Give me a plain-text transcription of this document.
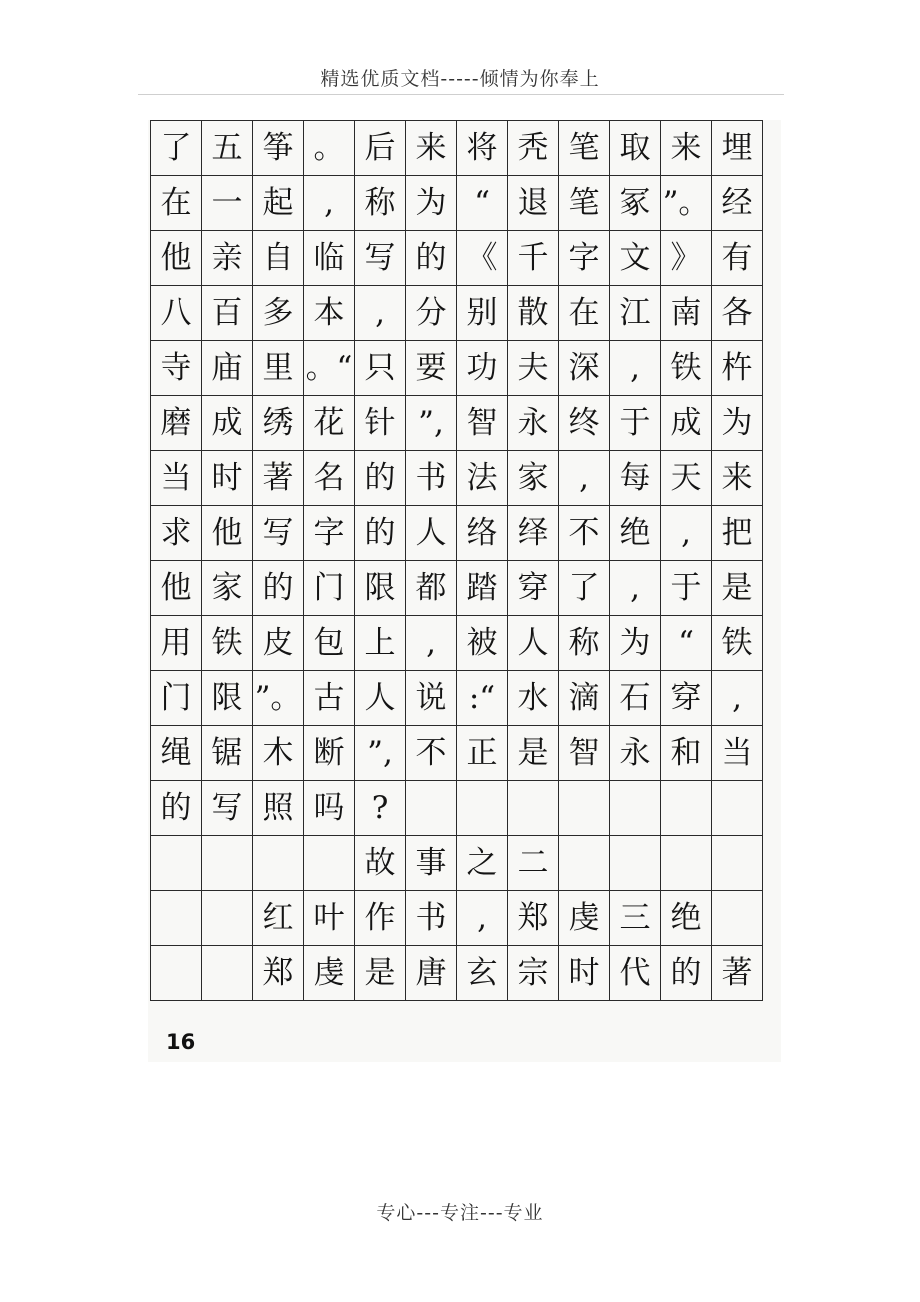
精选优质文档-----倾情为你奉上
了	五	筝	。	后	来	将	秃	笔	取	来	埋
在	一	起	,	称	为	“	退	笔	冢	”。	经
他	亲	自	临	写	的	《	千	字	文	》	有
八	百	多	本	,	分	别	散	在	江	南	各
寺	庙	里	。“	只	要	功	夫	深	,	铁	杵
磨	成	绣	花	针	”,	智	永	终	于	成	为
当	时	著	名	的	书	法	家	,	每	天	来
求	他	写	字	的	人	络	绎	不	绝	,	把
他	家	的	门	限	都	踏	穿	了	,	于	是
用	铁	皮	包	上	,	被	人	称	为	“	铁
门	限	”。	古	人	说	:“	水	滴	石	穿	,
绳	锯	木	断	”,	不	正	是	智	永	和	当
的	写	照	吗	?							
				故	事	之	二				
		红	叶	作	书	,	郑	虔	三	绝	
		郑	虔	是	唐	玄	宗	时	代	的	著
16
专心---专注---专业
